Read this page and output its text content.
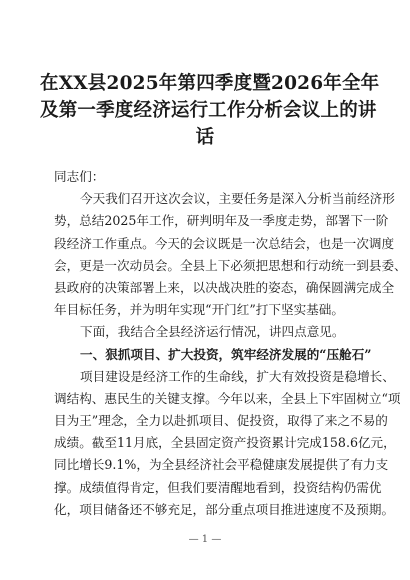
在XX县2025年第四季度暨2026年全年
及第一季度经济运行工作分析会议上的讲
话
同志们：
今天我们召开这次会议，主要任务是深入分析当前经济形
势，总结2025年工作，研判明年及一季度走势，部署下一阶
段经济工作重点。今天的会议既是一次总结会，也是一次调度
会，更是一次动员会。全县上下必须把思想和行动统一到县委、
县政府的决策部署上来，以决战决胜的姿态，确保圆满完成全
年目标任务，并为明年实现“开门红”打下坚实基础。
下面，我结合全县经济运行情况，讲四点意见。
一、狠抓项目、扩大投资，筑牢经济发展的“压舱石”
项目建设是经济工作的生命线，扩大有效投资是稳增长、
调结构、惠民生的关键支撑。今年以来，全县上下牢固树立“项
目为王”理念，全力以赴抓项目、促投资，取得了来之不易的
成绩。截至11月底，全县固定资产投资累计完成158.6亿元，
同比增长9.1%，为全县经济社会平稳健康发展提供了有力支
撑。成绩值得肯定，但我们要清醒地看到，投资结构仍需优
化，项目储备还不够充足，部分重点项目推进速度不及预期。
— 1 —
